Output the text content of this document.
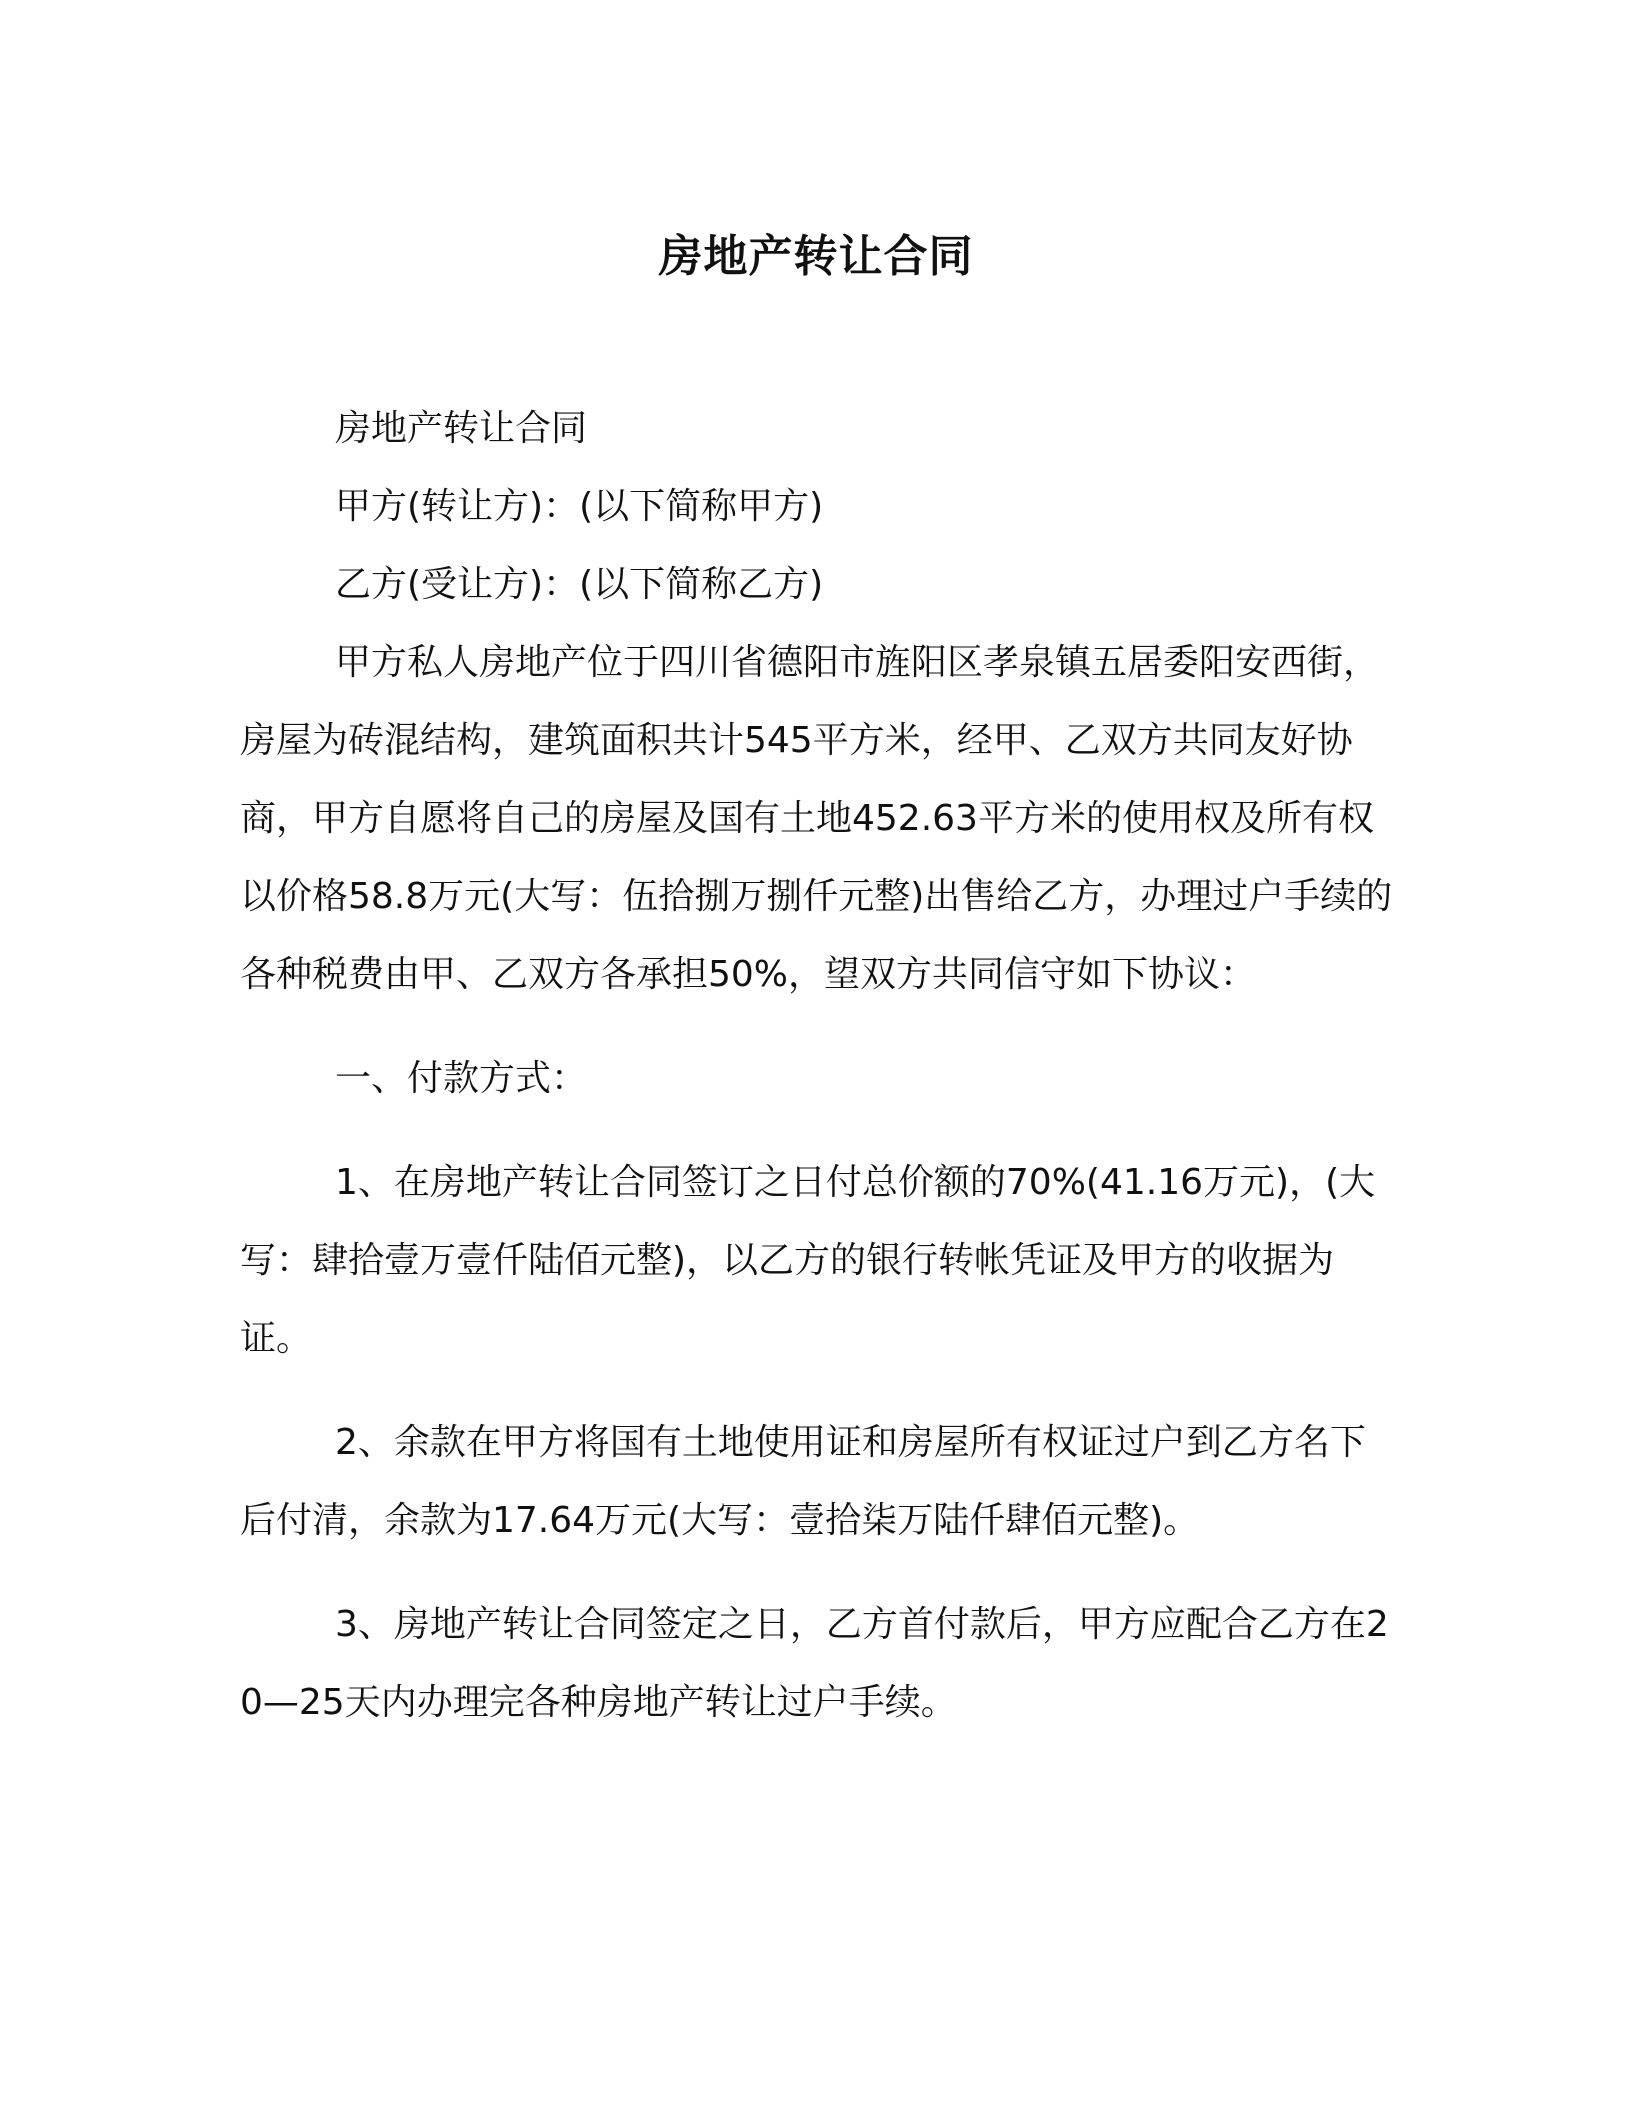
房地产转让合同

房地产转让合同

甲方(转让方)：(以下简称甲方)

乙方(受让方)：(以下简称乙方)

甲方私人房地产位于四川省德阳市旌阳区孝泉镇五居委阳安西街，房屋为砖混结构，建筑面积共计545平方米，经甲、乙双方共同友好协商，甲方自愿将自己的房屋及国有土地452.63平方米的使用权及所有权以价格58.8万元(大写：伍拾捌万捌仟元整)出售给乙方，办理过户手续的各种税费由甲、乙双方各承担50%，望双方共同信守如下协议：

一、付款方式：

1、在房地产转让合同签订之日付总价额的70%(41.16万元)，(大写：肆拾壹万壹仟陆佰元整)，以乙方的银行转帐凭证及甲方的收据为证。

2、余款在甲方将国有土地使用证和房屋所有权证过户到乙方名下后付清，余款为17.64万元(大写：壹拾柒万陆仟肆佰元整)。

3、房地产转让合同签定之日，乙方首付款后，甲方应配合乙方在20—25天内办理完各种房地产转让过户手续。
